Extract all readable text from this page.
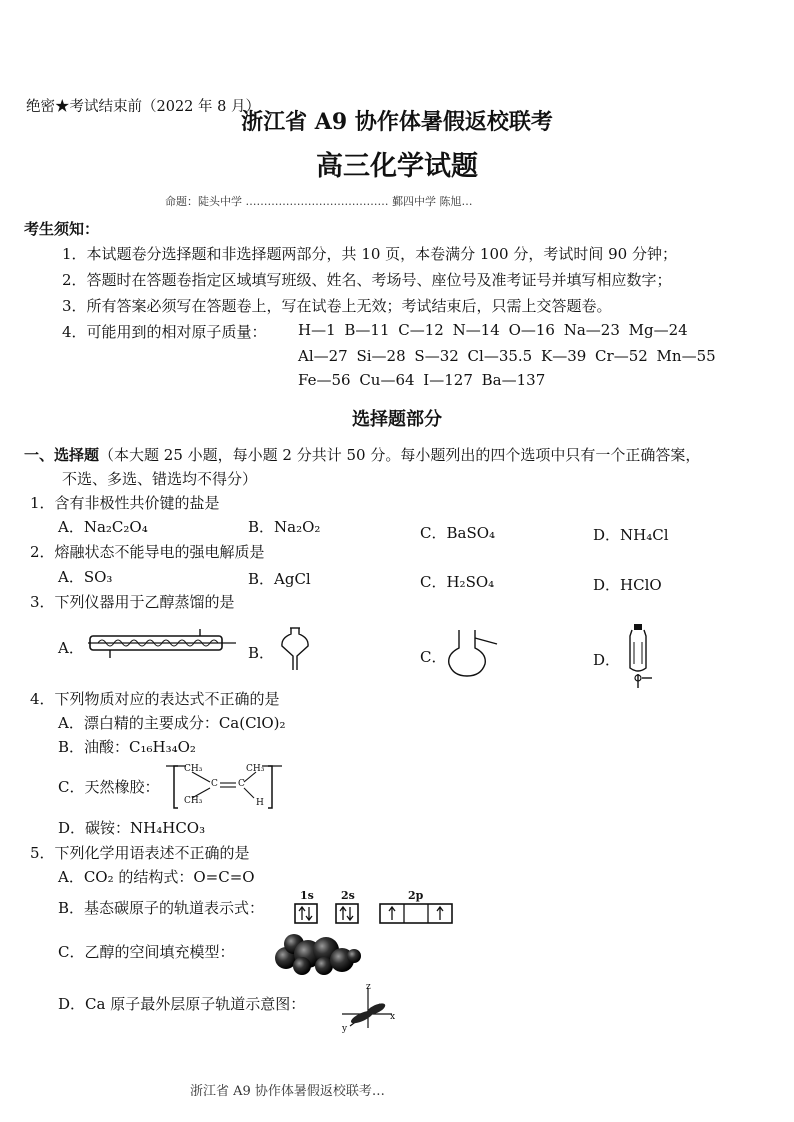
绝密★考试结束前（2022 年 8 月）
浙江省 A9 协作体暑假返校联考
高三化学试题
命题：陡头中学 ………………………………… 鄞四中学 陈旭…
考生须知：
1．本试题卷分选择题和非选择题两部分，共 10 页，本卷满分 100 分，考试时间 90 分钟；
2．答题时在答题卷指定区域填写班级、姓名、考场号、座位号及准考证号并填写相应数字；
3．所有答案必须写在答题卷上，写在试卷上无效；考试结束后，只需上交答题卷。
4．可能用到的相对原子质量： H—1 B—11 C—12 N—14 O—16 Na—23 Mg—24
Al—27 Si—28 S—32 Cl—35.5 K—39 Cr—52 Mn—55
Fe—56 Cu—64 I—127 Ba—137
选择题部分
一、选择题（本大题 25 小题，每小题 2 分共计 50 分。每小题列出的四个选项中只有一个正确答案，
不选、多选、错选均不得分）
1．含有非极性共价键的盐是
A．Na₂C₂O₄	B．Na₂O₂	C．BaSO₄	D．NH₄Cl
2．熔融状态不能导电的强电解质是
A．SO₃	B．AgCl	C．H₂SO₄	D．HClO
3．下列仪器用于乙醇蒸馏的是
A．	B．	C．	D．
4．下列物质对应的表达式不正确的是
A．漂白精的主要成分：Ca(ClO)₂
B．油酸：C₁₆H₃₄O₂
C．天然橡胶：
CH₃
CH₃
CH₃
C C
H
D．碳铵：NH₄HCO₃
5．下列化学用语表述不正确的是
A．CO₂ 的结构式：O=C=O
B．基态碳原子的轨道表示式：
1s 2s	2p
C．乙醇的空间填充模型：
D．Ca 原子最外层原子轨道示意图：
z
x
y
浙江省 A9 协作体暑假返校联考…
